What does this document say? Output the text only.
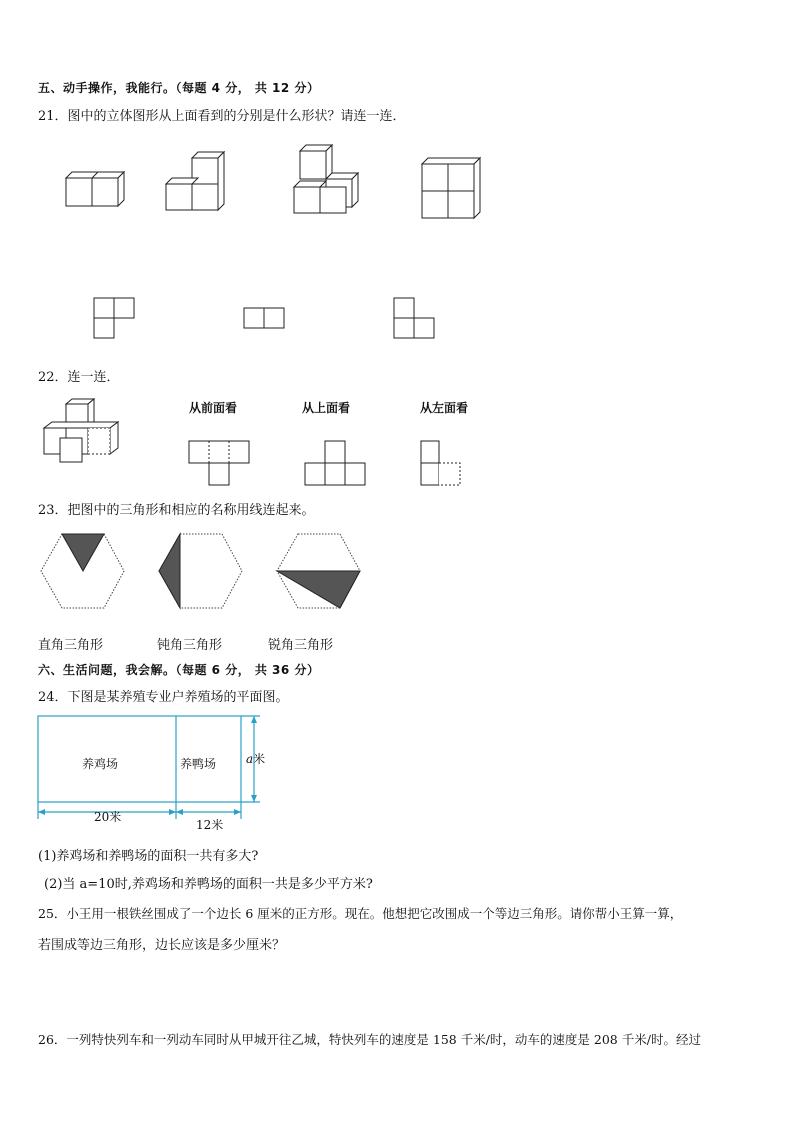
五、动手操作，我能行。（每题 4 分， 共 12 分）
21．图中的立体图形从上面看到的分别是什么形状？请连一连．
22．连一连．
从前面看	从上面看	从左面看
23．把图中的三角形和相应的名称用线连起来。
直角三角形	钝角三角形	锐角三角形
六、生活问题，我会解。（每题 6 分， 共 36 分）
24．下图是某养殖专业户养殖场的平面图。
养鸡场	养鸭场 a米
20米
12米
(1)养鸡场和养鸭场的面积一共有多大?
(2)当 a=10时,养鸡场和养鸭场的面积一共是多少平方米?
25．小王用一根铁丝围成了一个边长 6 厘米的正方形。现在。他想把它改围成一个等边三角形。请你帮小王算一算，
若围成等边三角形，边长应该是多少厘米？
26．一列特快列车和一列动车同时从甲城开往乙城，特快列车的速度是 158 千米/时，动车的速度是 208 千米/时。经过
